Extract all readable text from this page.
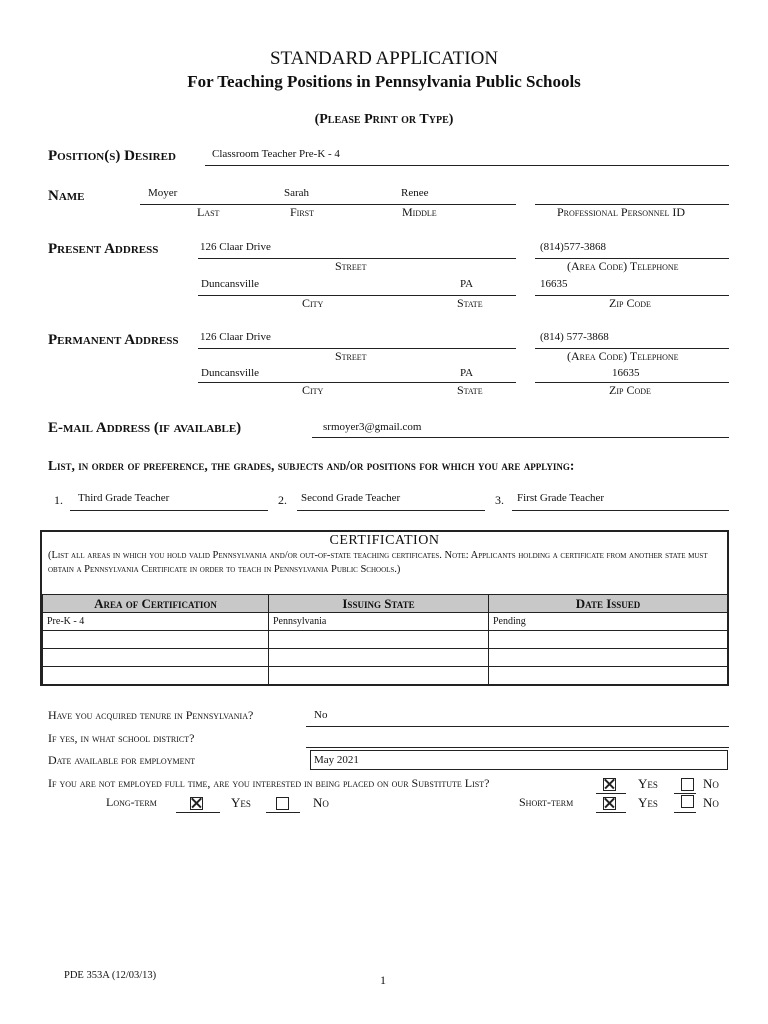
STANDARD APPLICATION
For Teaching Positions in Pennsylvania Public Schools
(Please Print or Type)
Position(s) Desired	Classroom Teacher Pre-K - 4
Name	Moyer	Sarah	Renee
Last	First	Middle	Professional Personnel ID
Present Address	126 Claar Drive	(814)577-3868
Street	(Area Code) Telephone
Duncansville	PA	16635
City	State	Zip Code
Permanent Address 126 Claar Drive	(814) 577-3868
Street	(Area Code) Telephone
Duncansville	PA	16635
City	State	Zip Code
E-mail Address (if available)	srmoyer3@gmail.com
List, in order of preference, the grades, subjects and/or positions for which you are applying:
1. Third Grade Teacher	2. Second Grade Teacher	3. First Grade Teacher
CERTIFICATION
(List all areas in which you hold valid Pennsylvania and/or out-of-state teaching certificates. Note: Applicants holding a certificate from another state must obtain a Pennsylvania Certificate in order to teach in Pennsylvania Public Schools.)
Area of Certification	Issuing State	Date Issued
Pre-K - 4	Pennsylvania	Pending

Have you acquired tenure in Pennsylvania?	No
If yes, in what school district?
Date available for employment	May 2021
If you are not employed full time, are you interested in being placed on our Substitute List?	Yes	No
Long-term	Yes	No	Short-term	Yes	No
PDE 353A (12/03/13)	1
